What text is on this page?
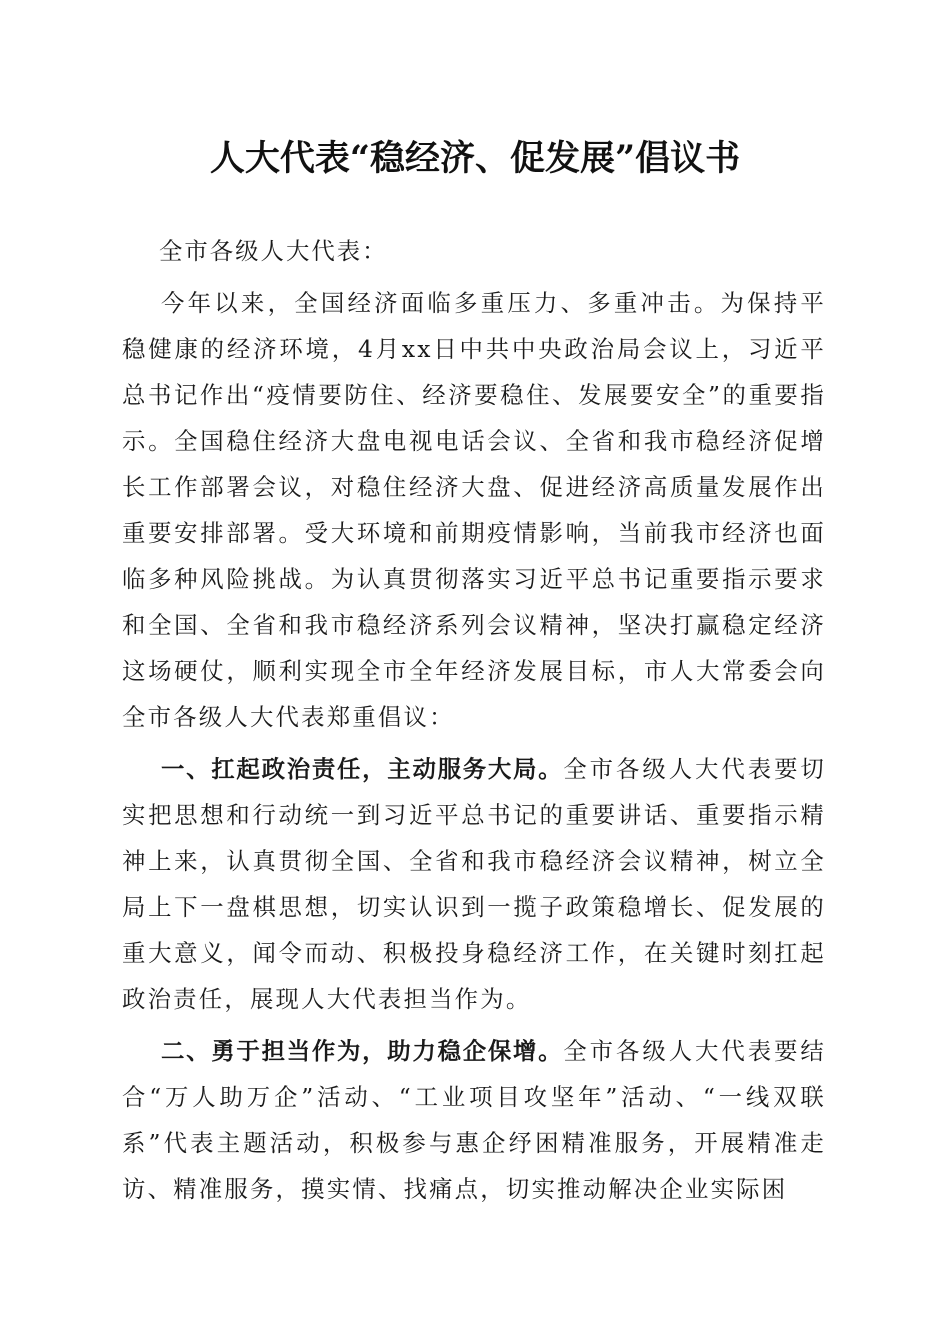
人大代表“稳经济、促发展”倡议书

全市各级人大代表：

今年以来，全国经济面临多重压力、多重冲击。为保持平稳健康的经济环境，4月xx日中共中央政治局会议上，习近平总书记作出“疫情要防住、经济要稳住、发展要安全”的重要指示。全国稳住经济大盘电视电话会议、全省和我市稳经济促增长工作部署会议，对稳住经济大盘、促进经济高质量发展作出重要安排部署。受大环境和前期疫情影响，当前我市经济也面临多种风险挑战。为认真贯彻落实习近平总书记重要指示要求和全国、全省和我市稳经济系列会议精神，坚决打赢稳定经济这场硬仗，顺利实现全市全年经济发展目标，市人大常委会向全市各级人大代表郑重倡议：

一、扛起政治责任，主动服务大局。全市各级人大代表要切实把思想和行动统一到习近平总书记的重要讲话、重要指示精神上来，认真贯彻全国、全省和我市稳经济会议精神，树立全局上下一盘棋思想，切实认识到一揽子政策稳增长、促发展的重大意义，闻令而动、积极投身稳经济工作，在关键时刻扛起政治责任，展现人大代表担当作为。

二、勇于担当作为，助力稳企保增。全市各级人大代表要结合“万人助万企”活动、“工业项目攻坚年”活动、“一线双联系”代表主题活动，积极参与惠企纾困精准服务，开展精准走访、精准服务，摸实情、找痛点，切实推动解决企业实际困
